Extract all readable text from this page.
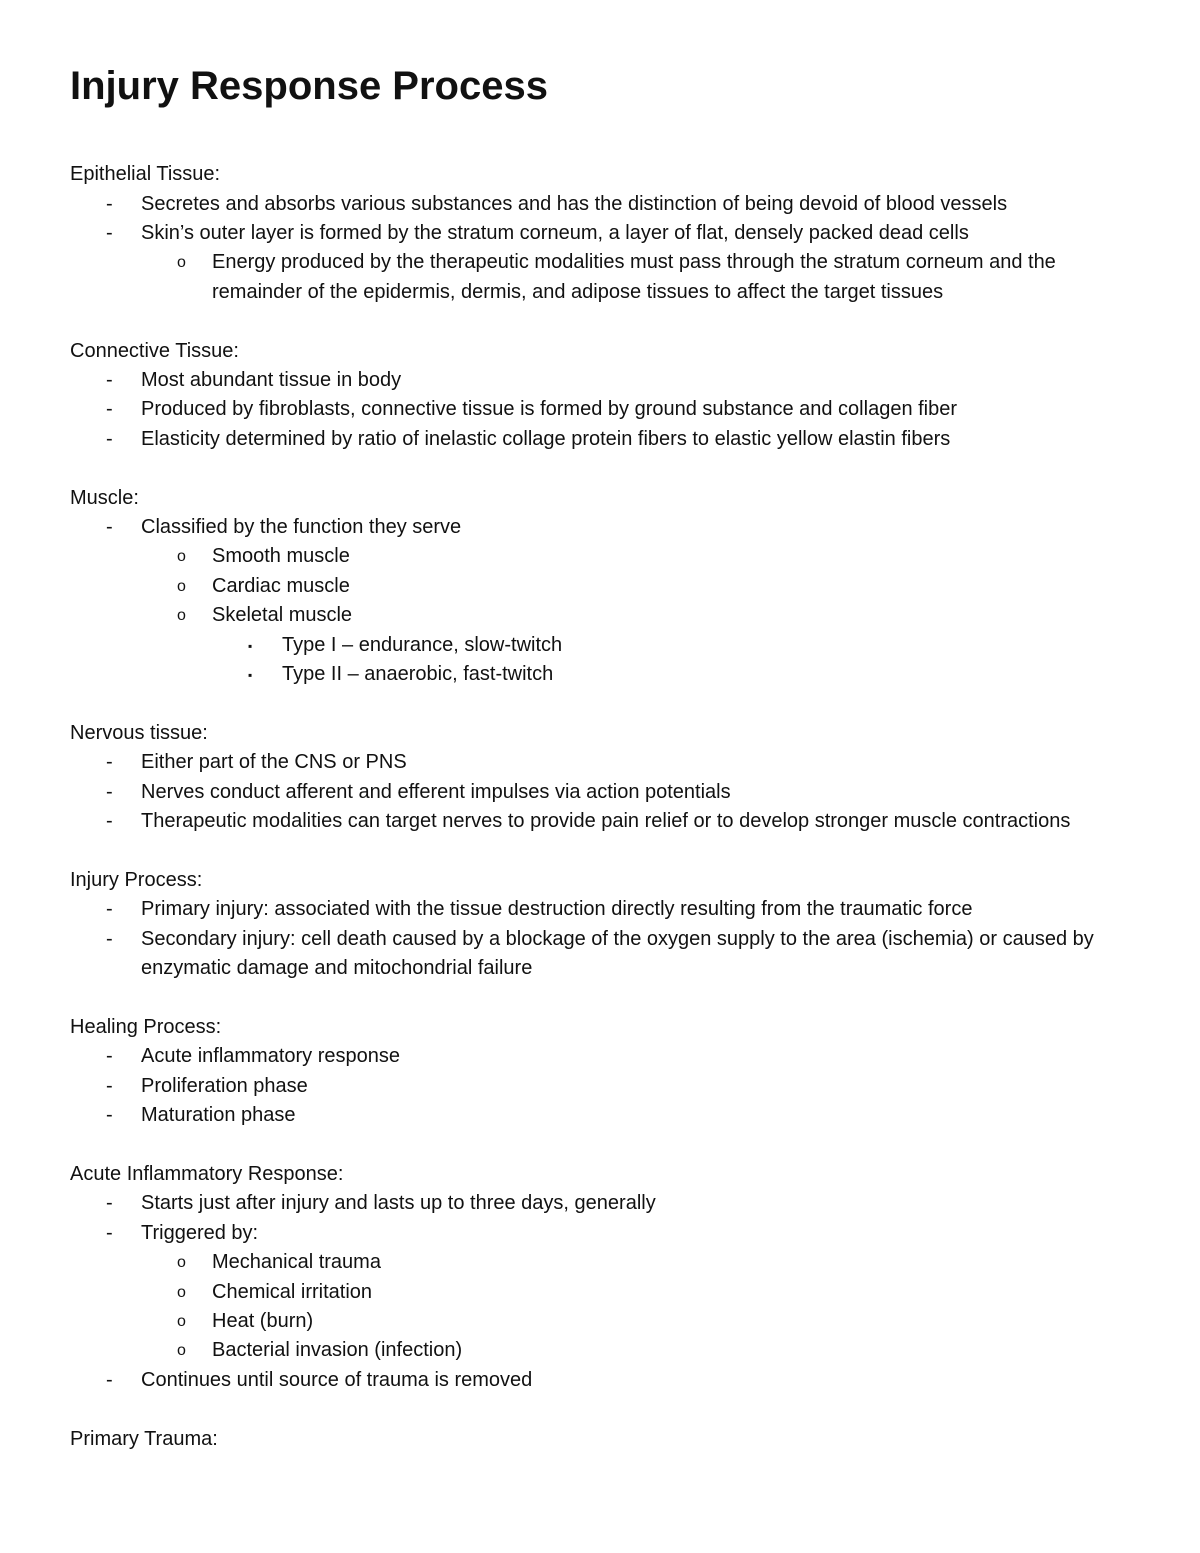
Injury Response Process
Epithelial Tissue:
- Secretes and absorbs various substances and has the distinction of being devoid of blood vessels
- Skin’s outer layer is formed by the stratum corneum, a layer of flat, densely packed dead cells
o Energy produced by the therapeutic modalities must pass through the stratum corneum and the remainder of the epidermis, dermis, and adipose tissues to affect the target tissues
Connective Tissue:
- Most abundant tissue in body
- Produced by fibroblasts, connective tissue is formed by ground substance and collagen fiber
- Elasticity determined by ratio of inelastic collage protein fibers to elastic yellow elastin fibers
Muscle:
- Classified by the function they serve
o Smooth muscle
o Cardiac muscle
o Skeletal muscle
▪ Type I – endurance, slow-twitch
▪ Type II – anaerobic, fast-twitch
Nervous tissue:
- Either part of the CNS or PNS
- Nerves conduct afferent and efferent impulses via action potentials
- Therapeutic modalities can target nerves to provide pain relief or to develop stronger muscle contractions
Injury Process:
- Primary injury: associated with the tissue destruction directly resulting from the traumatic force
- Secondary injury: cell death caused by a blockage of the oxygen supply to the area (ischemia) or caused by enzymatic damage and mitochondrial failure
Healing Process:
- Acute inflammatory response
- Proliferation phase
- Maturation phase
Acute Inflammatory Response:
- Starts just after injury and lasts up to three days, generally
- Triggered by:
o Mechanical trauma
o Chemical irritation
o Heat (burn)
o Bacterial invasion (infection)
- Continues until source of trauma is removed
Primary Trauma:
